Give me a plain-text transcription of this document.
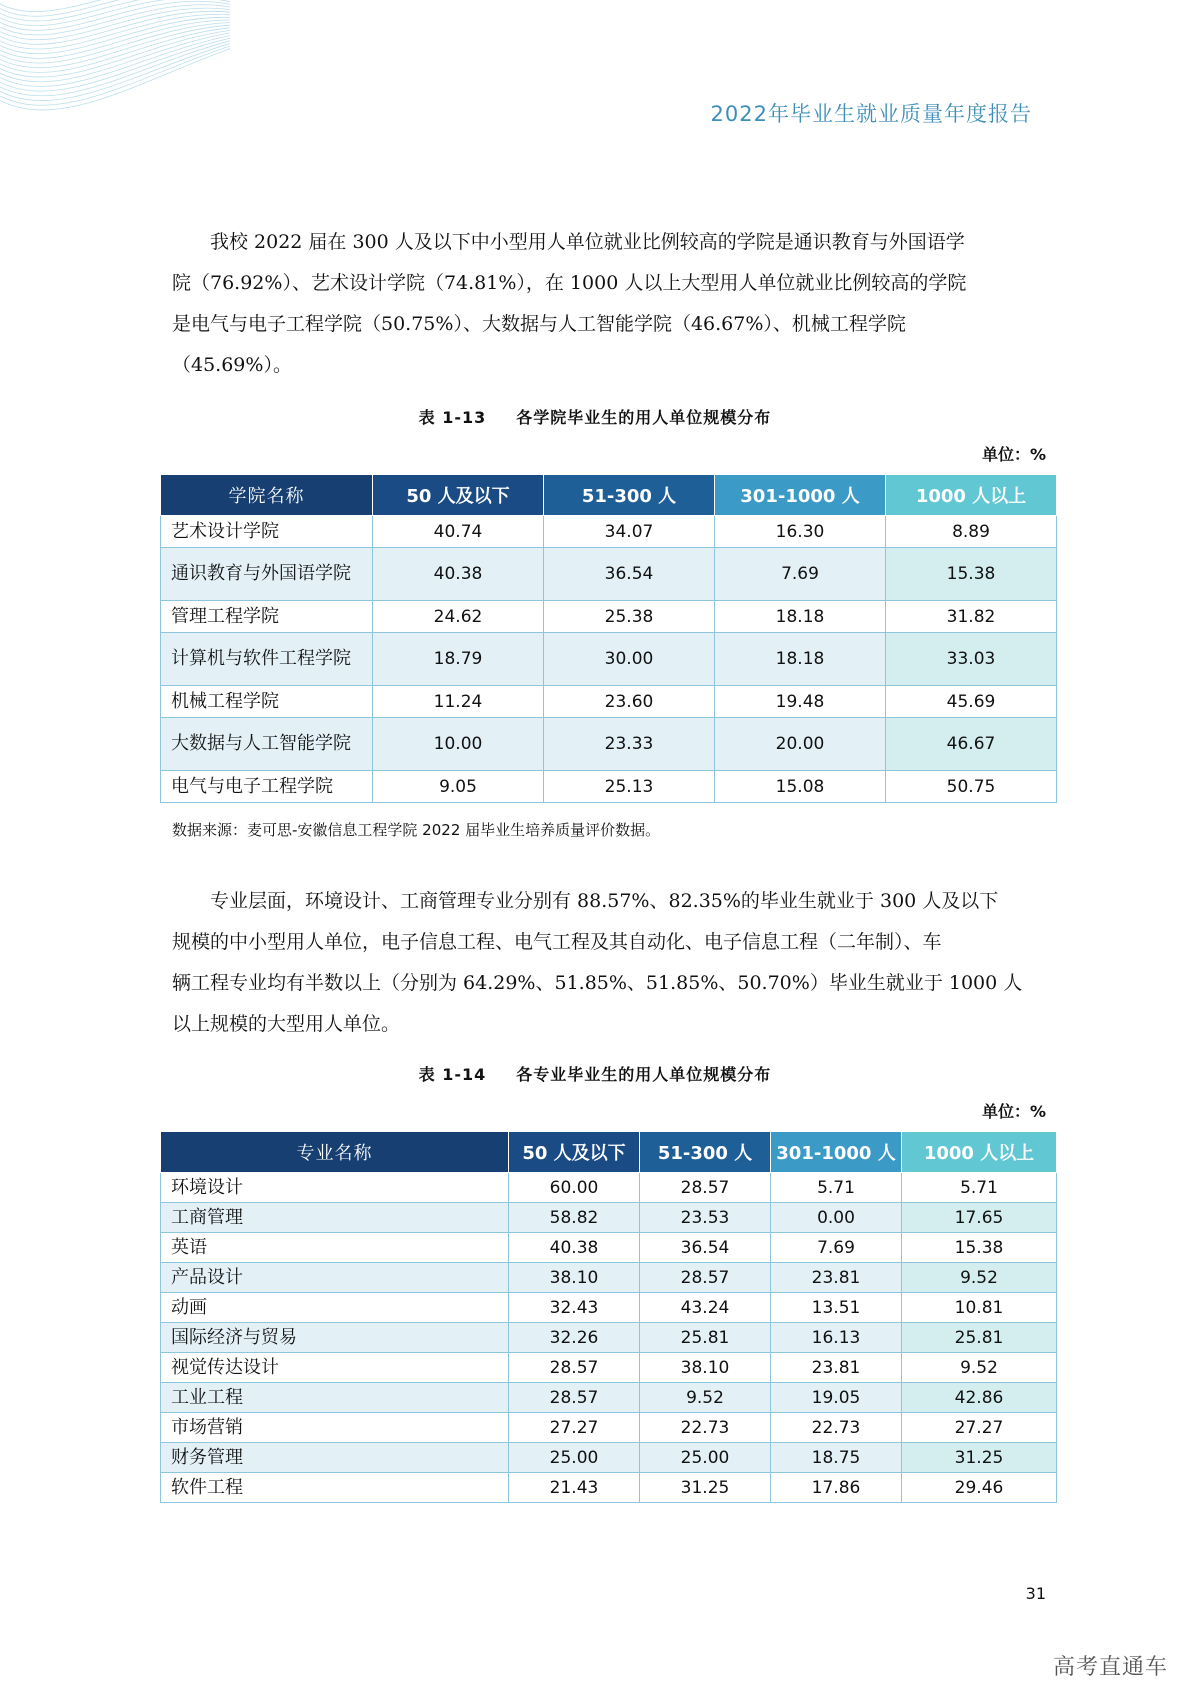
2022年毕业生就业质量年度报告

我校 2022 届在 300 人及以下中小型用人单位就业比例较高的学院是通识教育与外国语学
院（76.92%）、艺术设计学院（74.81%），在 1000 人以上大型用人单位就业比例较高的学院
是电气与电子工程学院（50.75%）、大数据与人工智能学院（46.67%）、机械工程学院
（45.69%）。

表 1-13 各学院毕业生的用人单位规模分布
单位：%
学院名称	50 人及以下	51-300 人	301-1000 人	1000 人以上
艺术设计学院	40.74	34.07	16.30	8.89
通识教育与外国语学院	40.38	36.54	7.69	15.38
管理工程学院	24.62	25.38	18.18	31.82
计算机与软件工程学院	18.79	30.00	18.18	33.03
机械工程学院	11.24	23.60	19.48	45.69
大数据与人工智能学院	10.00	23.33	20.00	46.67
电气与电子工程学院	9.05	25.13	15.08	50.75
数据来源：麦可思-安徽信息工程学院 2022 届毕业生培养质量评价数据。

专业层面，环境设计、工商管理专业分别有 88.57%、82.35%的毕业生就业于 300 人及以下
规模的中小型用人单位，电子信息工程、电气工程及其自动化、电子信息工程（二年制）、车
辆工程专业均有半数以上（分别为 64.29%、51.85%、51.85%、50.70%）毕业生就业于 1000 人
以上规模的大型用人单位。

表 1-14 各专业毕业生的用人单位规模分布
单位：%
专业名称	50 人及以下	51-300 人	301-1000 人	1000 人以上
环境设计	60.00	28.57	5.71	5.71
工商管理	58.82	23.53	0.00	17.65
英语	40.38	36.54	7.69	15.38
产品设计	38.10	28.57	23.81	9.52
动画	32.43	43.24	13.51	10.81
国际经济与贸易	32.26	25.81	16.13	25.81
视觉传达设计	28.57	38.10	23.81	9.52
工业工程	28.57	9.52	19.05	42.86
市场营销	27.27	22.73	22.73	27.27
财务管理	25.00	25.00	18.75	31.25
软件工程	21.43	31.25	17.86	29.46
31
高考直通车
